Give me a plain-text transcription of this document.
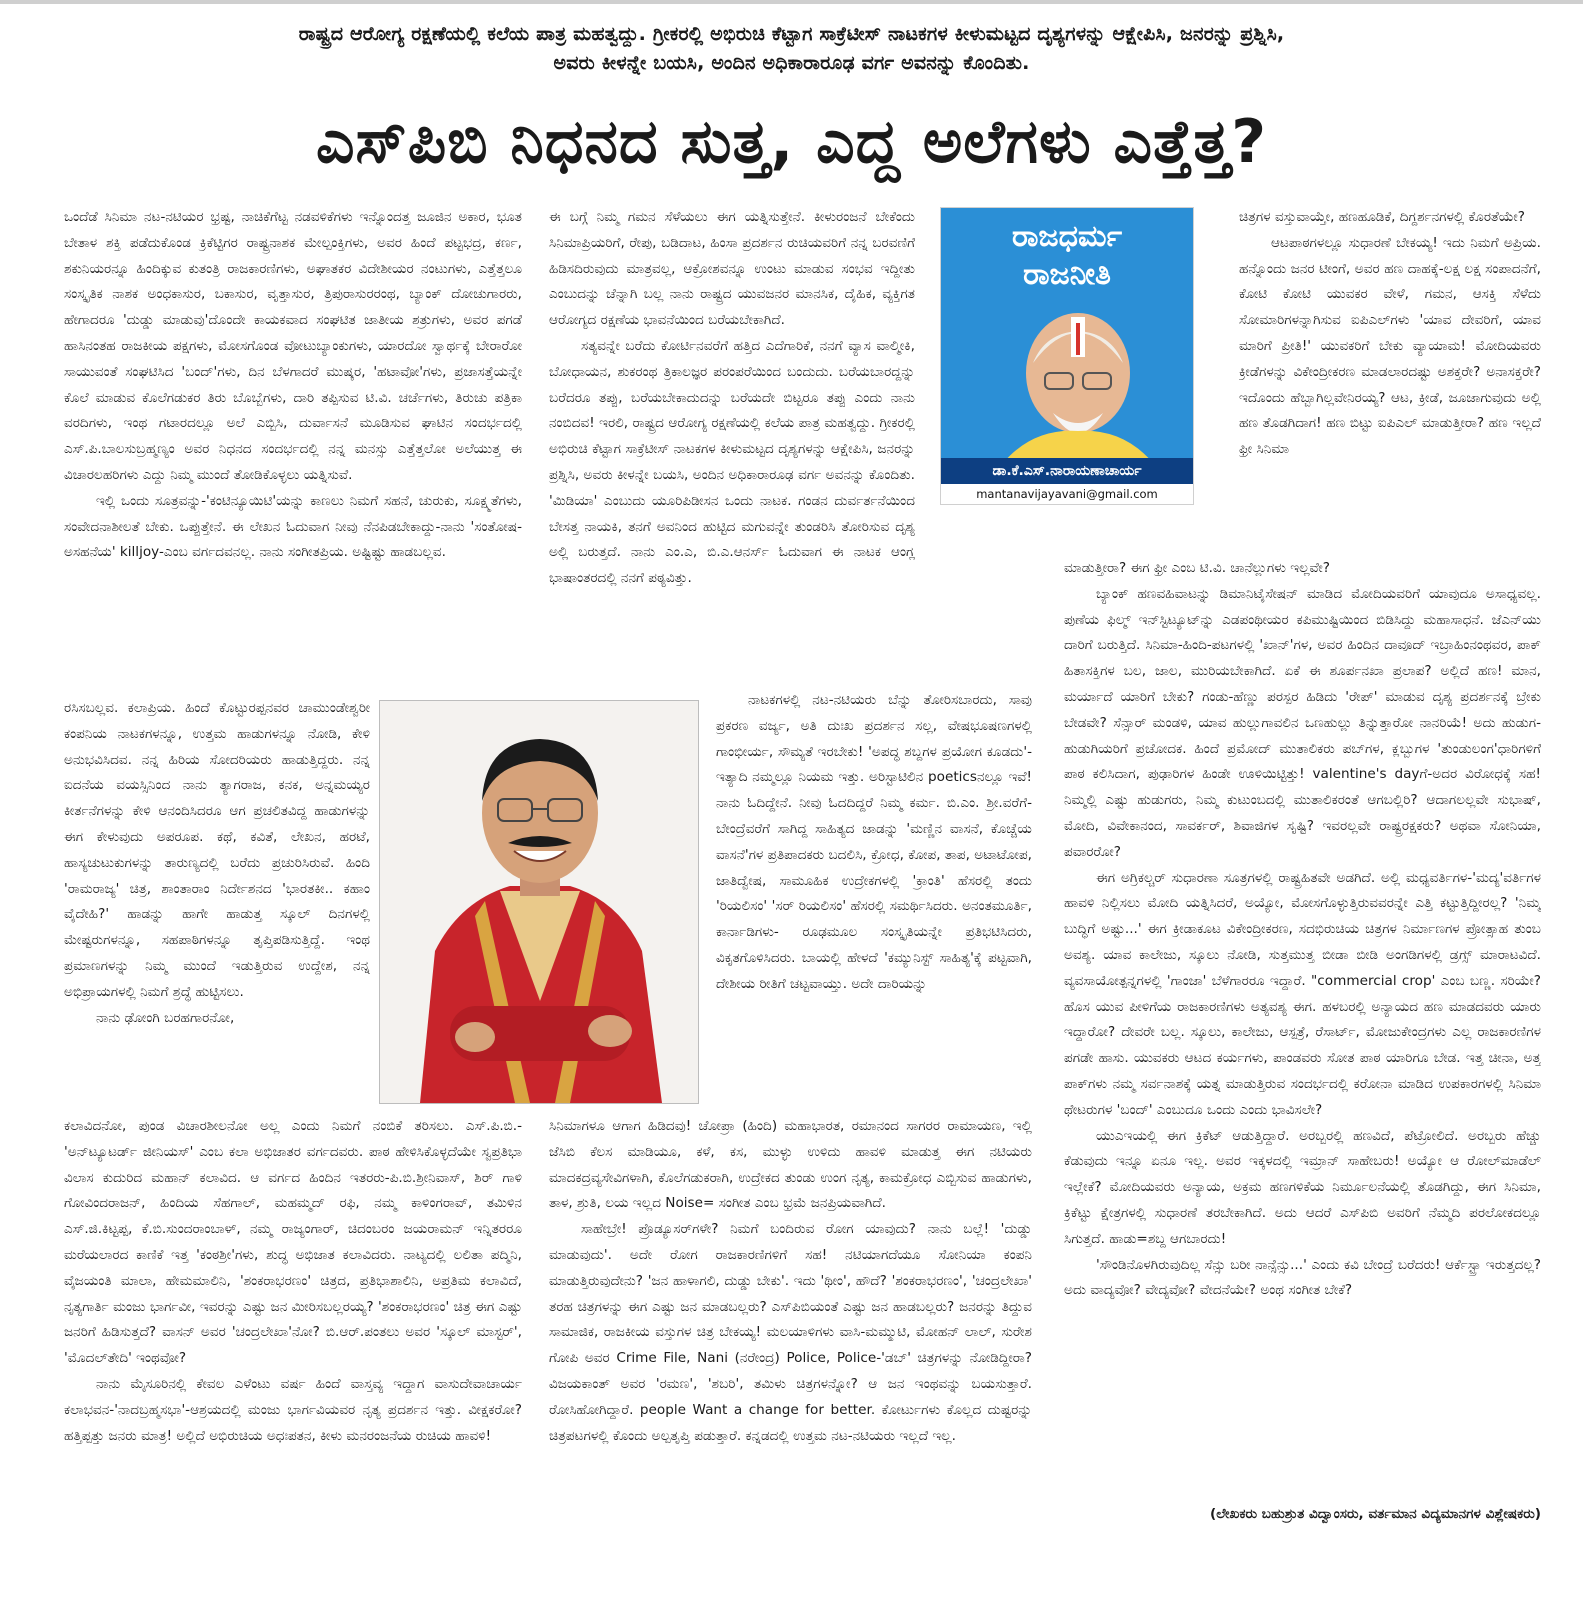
ರಾಷ್ಟ್ರದ ಆರೋಗ್ಯ ರಕ್ಷಣೆಯಲ್ಲಿ ಕಲೆಯ ಪಾತ್ರ ಮಹತ್ವದ್ದು. ಗ್ರೀಕರಲ್ಲಿ ಅಭಿರುಚಿ ಕೆಟ್ಟಾಗ ಸಾಕ್ರೆಟೀಸ್ ನಾಟಕಗಳ ಕೀಳುಮಟ್ಟದ ದೃಶ್ಯಗಳನ್ನು ಆಕ್ಷೇಪಿಸಿ, ಜನರನ್ನು ಪ್ರಶ್ನಿಸಿ,
ಅವರು ಕೀಳನ್ನೇ ಬಯಸಿ, ಅಂದಿನ ಅಧಿಕಾರಾರೂಢ ವರ್ಗ ಅವನನ್ನು ಕೊಂದಿತು.
ಎಸ್‌ಪಿಬಿ ನಿಧನದ ಸುತ್ತ, ಎದ್ದ ಅಲೆಗಳು ಎತ್ತೆತ್ತ?

ಒಂದೆಡೆ ಸಿನಿಮಾ ನಟ-ನಟಿಯರ ಭ್ರಷ್ಟ, ನಾಚಿಕೆಗೆಟ್ಟ ನಡವಳಿಕೆಗಳು ಇನ್ನೊಂದತ್ತ ಜೂಜಿನ ಅಕಾರ, ಭೂತ ಬೇತಾಳ ಶಕ್ತಿ ಪಡೆದುಕೊಂಡ ಕ್ರಿಕೆಟ್ಟಿಗರ ರಾಷ್ಟ್ರನಾಶಕ ಮೇಲ್ಪಂಕ್ತಿಗಳು, ಅವರ ಹಿಂದೆ ಪಟ್ಟಭದ್ರ, ಕರ್ಣ, ಶಕುನಿಯರನ್ನೂ ಹಿಂದಿಕ್ಕುವ ಕುತಂತ್ರಿ ರಾಜಕಾರಣಿಗಳು, ಅಘಾತಕರ ವಿದೇಶೀಯರ ನಂಟುಗಳು, ಎತ್ತೆತ್ತಲೂ ಸಂಸ್ಕೃತಿಕ ನಾಶಕ ಅಂಧಕಾಸುರ, ಬಕಾಸುರ, ವೃತ್ತಾಸುರ, ತ್ರಿಪುರಾಸುರರಂಥ, ಬ್ಯಾಂಕ್ ದೋಚುಗಾರರು, ಹೇಗಾದರೂ 'ದುಡ್ಡು ಮಾಡುವು'ದೊಂದೇ ಕಾಯಕವಾದ ಸಂಘಟಿತ ಜಾತೀಯ ಶತ್ರುಗಳು, ಅವರ ಪಗಡೆ ಹಾಸಿನಂತಹ ರಾಜಕೀಯ ಪಕ್ಷಗಳು, ಮೋಸಗೊಂಡ ವೋಟುಬ್ಯಾಂಕುಗಳು, ಯಾರದೋ ಸ್ವಾರ್ಥಕ್ಕೆ ಬೇರಾರೋ ಸಾಯುವಂತೆ ಸಂಘಟಿಸಿದ 'ಬಂದ್'ಗಳು, ದಿನ ಬೆಳಗಾದರೆ ಮುಷ್ಕರ, 'ಹಟಾವೋ'ಗಳು, ಪ್ರಜಾಸತ್ತೆಯನ್ನೇ ಕೊಲೆ ಮಾಡುವ ಕೊಲೆಗಡುಕರ ತಿರು ಬೊಬ್ಬೆಗಳು, ದಾರಿ ತಪ್ಪಿಸುವ ಟಿ.ವಿ. ಚರ್ಚೆಗಳು, ತಿರುಚು ಪತ್ರಿಕಾ ವರದಿಗಳು, ಇಂಥ ಗಟಾರದಲ್ಲೂ ಅಲೆ ಎಬ್ಬಿಸಿ, ದುರ್ವಾಸನೆ ಮೂಡಿಸುವ ಘಾಟಿನ ಸಂದರ್ಭದಲ್ಲಿ ಎಸ್.ಪಿ.ಬಾಲಸುಬ್ರಹ್ಮಣ್ಯಂ ಅವರ ನಿಧನದ ಸಂದರ್ಭದಲ್ಲಿ ನನ್ನ ಮನಸ್ಸು ಎತ್ತೆತ್ತಲೋ ಅಲೆಯುತ್ತ ಈ ವಿಚಾರಲಹರಿಗಳು ಎದ್ದು ನಿಮ್ಮ ಮುಂದೆ ತೋಡಿಕೊಳ್ಳಲು ಯತ್ನಿಸುವೆ.

ಇಲ್ಲಿ ಒಂದು ಸೂತ್ರವನ್ನು-'ಕಂಟಿನ್ಯೂಯಿಟಿ'ಯನ್ನು ಕಾಣಲು ನಿಮಗೆ ಸಹನೆ, ಚುರುಕು, ಸೂಕ್ಷ್ಮತೆಗಳು, ಸಂವೇದನಾಶೀಲತೆ ಬೇಕು. ಒಪ್ಪುತ್ತೇನೆ. ಈ ಲೇಖನ ಓದುವಾಗ ನೀವು ನೆನಪಿಡಬೇಕಾದ್ದು-ನಾನು 'ಸಂತೋಷ-ಅಸಹನೆಯ' killjoy-ಎಂಬ ವರ್ಗದವನಲ್ಲ. ನಾನು ಸಂಗೀತಪ್ರಿಯ. ಅಷ್ಟಿಷ್ಟು ಹಾಡಬಲ್ಲವ.

ರಸಿಸಬಲ್ಲವ. ಕಲಾಪ್ರಿಯ. ಹಿಂದೆ ಕೊಟ್ಟುರಪ್ಪನವರ ಚಾಮುಂಡೇಶ್ವರೀ ಕಂಪನಿಯ ನಾಟಕಗಳನ್ನೂ, ಉತ್ತಮ ಹಾಡುಗಳನ್ನೂ ನೋಡಿ, ಕೇಳಿ ಅನುಭವಿಸಿದವ. ನನ್ನ ಹಿರಿಯ ಸೋದರಿಯರು ಹಾಡುತ್ತಿದ್ದರು. ನನ್ನ ಐದನೆಯ ವಯಸ್ಸಿನಿಂದ ನಾನು ತ್ಯಾಗರಾಜ, ಕನಕ, ಅನ್ನಮಯ್ಯರ ಕೀರ್ತನೆಗಳನ್ನು ಕೇಳಿ ಆನಂದಿಸಿದರೂ ಆಗ ಪ್ರಚಲಿತವಿದ್ದ ಹಾಡುಗಳನ್ನು ಈಗ ಕೇಳುವುದು ಅಪರೂಪ. ಕಥೆ, ಕವಿತೆ, ಲೇಖನ, ಹರಟೆ, ಹಾಸ್ಯಚುಟುಕುಗಳನ್ನು ತಾರುಣ್ಯದಲ್ಲಿ ಬರೆದು ಪ್ರಚುರಿಸಿರುವೆ. ಹಿಂದಿ 'ರಾಮರಾಜ್ಯ' ಚಿತ್ರ, ಶಾಂತಾರಾಂ ನಿರ್ದೇಶನದ 'ಭಾರತಕೀ.. ಕಹಾಂ ವೈದೇಹಿ?' ಹಾಡನ್ನು ಹಾಗೇ ಹಾಡುತ್ತ ಸ್ಕೂಲ್ ದಿನಗಳಲ್ಲಿ ಮೇಷ್ಟರುಗಳನ್ನೂ, ಸಹಪಾಠಿಗಳನ್ನೂ ತೃಪ್ತಿಪಡಿಸುತ್ತಿದ್ದೆ. ಇಂಥ ಪ್ರಮಾಣಗಳನ್ನು ನಿಮ್ಮ ಮುಂದೆ ಇಡುತ್ತಿರುವ ಉದ್ದೇಶ, ನನ್ನ ಅಭಿಪ್ರಾಯಗಳಲ್ಲಿ ನಿಮಗೆ ಶ್ರದ್ಧೆ ಹುಟ್ಟಿಸಲು.

ನಾನು ಢೋಂಗಿ ಬರಹಗಾರನೋ,

ಕಲಾವಿದನೋ, ಪುಂಡ ವಿಚಾರಶೀಲನೋ ಅಲ್ಲ ಎಂದು ನಿಮಗೆ ನಂಬಿಕೆ ತರಿಸಲು. ಎಸ್.ಪಿ.ಬಿ.-'ಅನ್‌ಟ್ಯೂಟರ್ಡ್ ಜೀನಿಯಸ್' ಎಂಬ ಕಲಾ ಅಭಿಜಾತರ ವರ್ಗದವರು. ಪಾಠ ಹೇಳಿಸಿಕೊಳ್ಳದೆಯೇ ಸ್ವಪ್ರತಿಭಾ ವಿಲಾಸ ಕುದುರಿದ ಮಹಾನ್ ಕಲಾವಿದ. ಆ ವರ್ಗದ ಹಿಂದಿನ ಇತರರು-ಪಿ.ಬಿ.ಶ್ರೀನಿವಾಸ್, ಶಿರ್ ಗಾಳಿ ಗೋವಿಂದರಾಜನ್, ಹಿಂದಿಯ ಸೆಹಗಾಲ್, ಮಹಮ್ಮದ್ ರಫಿ, ನಮ್ಮ ಕಾಳಿಂಗರಾವ್, ತಮಿಳಿನ ಎಸ್.ಜಿ.ಕಿಟ್ಟಪ್ಪ, ಕೆ.ಬಿ.ಸುಂದರಾಂಬಾಳ್, ನಮ್ಮ ರಾಜ್ಯಂಗಾರ್, ಚಿದಂಬರಂ ಜಯರಾಮನ್ ಇನ್ನಿತರರೂ ಮರೆಯಲಾರದ ಕಾಣಿಕೆ ಇತ್ತ 'ಕಂಠಶ್ರೀ'ಗಳು, ಶುದ್ಧ ಅಭಿಜಾತ ಕಲಾವಿದರು. ನಾಟ್ಯದಲ್ಲಿ ಲಲಿತಾ ಪದ್ಮಿನಿ, ವೈಜಯಂತಿ ಮಾಲಾ, ಹೇಮಮಾಲಿನಿ, 'ಶಂಕರಾಭರಣಂ' ಚಿತ್ರದ, ಪ್ರತಿಭಾಶಾಲಿನಿ, ಅಪ್ರತಿಮ ಕಲಾವಿದೆ, ನೃತ್ಯಗಾರ್ತಿ ಮಂಜು ಭಾರ್ಗವೀ, ಇವರನ್ನು ಎಷ್ಟು ಜನ ಮೀರಿಸಬಲ್ಲರಯ್ಯ? 'ಶಂಕರಾಭರಣಂ' ಚಿತ್ರ ಈಗ ಎಷ್ಟು ಜನರಿಗೆ ಹಿಡಿಸುತ್ತದೆ? ವಾಸನ್ ಅವರ 'ಚಂದ್ರಲೇಖಾ'ನೋ? ಬಿ.ಆರ್.ಪಂತಲು ಅವರ 'ಸ್ಕೂಲ್ ಮಾಸ್ಟರ್', 'ಮೊದಲ್‌ತೇದಿ' ಇಂಥವೋ?

ನಾನು ಮೈಸೂರಿನಲ್ಲಿ ಕೇವಲ ಎಳೆಂಟು ವರ್ಷ ಹಿಂದೆ ವಾಸ್ತವ್ಯ ಇದ್ದಾಗ ವಾಸುದೇವಾಚಾರ್ಯ ಕಲಾಭವನ-'ನಾದಬ್ರಹ್ಮಸಭಾ'-ಆಶ್ರಯದಲ್ಲಿ ಮಂಜು ಭಾರ್ಗವಿಯವರ ನೃತ್ಯ ಪ್ರದರ್ಶನ ಇತ್ತು. ವೀಕ್ಷಕರೋ? ಹತ್ತಿಪ್ಪತ್ತು ಜನರು ಮಾತ್ರ! ಅಲ್ಲಿದೆ ಅಭಿರುಚಿಯ ಅಧಃಪತನ, ಕೀಳು ಮನರಂಜನೆಯ ರುಚಿಯ ಹಾವಳಿ!

ಈ ಬಗ್ಗೆ ನಿಮ್ಮ ಗಮನ ಸೆಳೆಯಲು ಈಗ ಯತ್ನಿಸುತ್ತೇನೆ. ಕೀಳುರಂಜನೆ ಬೇಕೆಂದು ಸಿನಿಮಾಪ್ರಿಯರಿಗೆ, ರೇಪು, ಬಡಿದಾಟ, ಹಿಂಸಾ ಪ್ರದರ್ಶನ ರುಚಿಯವರಿಗೆ ನನ್ನ ಬರವಣಿಗೆ ಹಿಡಿಸದಿರುವುದು ಮಾತ್ರವಲ್ಲ, ಆಕ್ರೋಶವನ್ನೂ ಉಂಟು ಮಾಡುವ ಸಂಭವ ಇದ್ದೀತು ಎಂಬುದನ್ನು ಚೆನ್ನಾಗಿ ಬಲ್ಲ ನಾನು ರಾಷ್ಟ್ರದ ಯುವಜನರ ಮಾನಸಿಕ, ದೈಹಿಕ, ವ್ಯಕ್ತಿಗತ ಆರೋಗ್ಯದ ರಕ್ಷಣೆಯ ಭಾವನೆಯಿಂದ ಬರೆಯಬೇಕಾಗಿದೆ.

ಸತ್ಯವನ್ನೇ ಬರೆದು ಕೋರ್ಟಿನವರೆಗೆ ಹತ್ತಿದ ಎದೆಗಾರಿಕೆ, ನನಗೆ ವ್ಯಾಸ ವಾಲ್ಮೀಕಿ, ಬೋಧಾಯನ, ಶುಕರಂಥ ತ್ರಿಕಾಲಜ್ಞರ ಪರಂಪರೆಯಿಂದ ಬಂದುದು. ಬರೆಯಬಾರದ್ದನ್ನು ಬರೆದರೂ ತಪ್ಪು, ಬರೆಯಬೇಕಾದುದನ್ನು ಬರೆಯದೇ ಬಿಟ್ಟರೂ ತಪ್ಪು ಎಂದು ನಾನು ನಂಬಿದವ! ಇರಲಿ, ರಾಷ್ಟ್ರದ ಆರೋಗ್ಯ ರಕ್ಷಣೆಯಲ್ಲಿ ಕಲೆಯ ಪಾತ್ರ ಮಹತ್ವದ್ದು. ಗ್ರೀಕರಲ್ಲಿ ಅಭಿರುಚಿ ಕೆಟ್ಟಾಗ ಸಾಕ್ರೆಟೀಸ್ ನಾಟಕಗಳ ಕೀಳುಮಟ್ಟದ ದೃಶ್ಯಗಳನ್ನು ಆಕ್ಷೇಪಿಸಿ, ಜನರನ್ನು ಪ್ರಶ್ನಿಸಿ, ಅವರು ಕೀಳನ್ನೇ ಬಯಸಿ, ಅಂದಿನ ಅಧಿಕಾರಾರೂಢ ವರ್ಗ ಅವನನ್ನು ಕೊಂದಿತು. 'ಮಿಡಿಯಾ' ಎಂಬುದು ಯೂರಿಪಿಡೀಸನ ಒಂದು ನಾಟಕ. ಗಂಡನ ದುರ್ವರ್ತನೆಯಿಂದ ಬೇಸತ್ತ ನಾಯಕಿ, ತನಗೆ ಅವನಿಂದ ಹುಟ್ಟಿದ ಮಗುವನ್ನೇ ತುಂಡರಿಸಿ ತೋರಿಸುವ ದೃಶ್ಯ ಅಲ್ಲಿ ಬರುತ್ತದೆ. ನಾನು ಎಂ.ಎ, ಬಿ.ಎ.ಆನರ್ಸ್ ಓದುವಾಗ ಈ ನಾಟಕ ಆಂಗ್ಲ ಭಾಷಾಂತರದಲ್ಲಿ ನನಗೆ ಪಠ್ಯವಿತ್ತು.

ನಾಟಕಗಳಲ್ಲಿ ನಟ-ನಟಿಯರು ಬೆನ್ನು ತೋರಿಸಬಾರದು, ಸಾವು ಪ್ರಕರಣ ವರ್ಜ್ಯ, ಅತಿ ದುಃಖ ಪ್ರದರ್ಶನ ಸಲ್ಲ, ವೇಷಭೂಷಣಗಳಲ್ಲಿ ಗಾಂಭೀರ್ಯ, ಸೌಮ್ಯತೆ ಇರಬೇಕು! 'ಅಪದ್ಧ ಶಬ್ದಗಳ ಪ್ರಯೋಗ ಕೂಡದು'-ಇತ್ಯಾದಿ ನಮ್ಮಲ್ಲೂ ನಿಯಮ ಇತ್ತು. ಅರಿಸ್ಟಾಟಿಲಿನ poeticsನಲ್ಲೂ ಇವೆ! ನಾನು ಓದಿದ್ದೇನೆ. ನೀವು ಓದದಿದ್ದರೆ ನಿಮ್ಮ ಕರ್ಮ. ಬಿ.ಎಂ. ಶ್ರೀ.ವರೆಗೆ-ಬೇಂದ್ರೆವರೆಗೆ ಸಾಗಿದ್ದ ಸಾಹಿತ್ಯದ ಜಾಡನ್ನು 'ಮಣ್ಣಿನ ವಾಸನೆ, ಕೊಚ್ಚೆಯ ವಾಸನೆ'ಗಳ ಪ್ರತಿಪಾದಕರು ಬದಲಿಸಿ, ಕ್ರೋಧ, ಕೋಪ, ತಾಪ, ಅಟಾಟೋಪ, ಜಾತಿದ್ವೇಷ, ಸಾಮೂಹಿಕ ಉದ್ರೇಕಗಳಲ್ಲಿ 'ಕ್ರಾಂತಿ' ಹೆಸರಲ್ಲಿ ತಂದು 'ರಿಯಲಿಸಂ' 'ಸರ್ ರಿಯಲಿಸಂ' ಹೆಸರಲ್ಲಿ ಸಮರ್ಥಿಸಿದರು. ಅನಂತಮೂರ್ತಿ, ಕಾರ್ನಾಡಿಗಳು- ರೂಢಮೂಲ ಸಂಸ್ಕೃತಿಯನ್ನೇ ಪ್ರತಿಭಟಿಸಿದರು, ವಿಕೃತಗೊಳಿಸಿದರು. ಬಾಯಲ್ಲಿ ಹೇಳದೆ 'ಕಮ್ಯುನಿಸ್ಟ್ ಸಾಹಿತ್ಯ'ಕ್ಕೆ ಪಟ್ಟವಾಗಿ, ದೇಶೀಯ ರೀತಿಗೆ ಚಟ್ಟವಾಯ್ತು. ಅದೇ ದಾರಿಯನ್ನು

ಸಿನಿಮಾಗಳೂ ಆಗಾಗ ಹಿಡಿದವು! ಚೋಪ್ರಾ (ಹಿಂದಿ) ಮಹಾಭಾರತ, ರಮಾನಂದ ಸಾಗರರ ರಾಮಾಯಣ, ಇಲ್ಲಿ ಜೆಸಿಬಿ ಕೆಲಸ ಮಾಡಿಯೂ, ಕಳೆ, ಕಸ, ಮುಳ್ಳು ಉಳಿದು ಹಾವಳಿ ಮಾಡುತ್ತ ಈಗ ನಟಿಯರು ಮಾದಕದ್ರವ್ಯಸೇವಿಗಳಾಗಿ, ಕೊಲೆಗಡುಕರಾಗಿ, ಉದ್ರೇಕದ ತುಂಡು ಉಂಗ ನೃತ್ಯ, ಕಾಮಕ್ರೋಧ ಎಬ್ಬಿಸುವ ಹಾಡುಗಳು, ತಾಳ, ಶ್ರುತಿ, ಲಯ ಇಲ್ಲದ Noise= ಸಂಗೀತ ಎಂಬ ಭ್ರಮೆ ಜನಪ್ರಿಯವಾಗಿದೆ.

ಸಾಹೇಬ್ರೇ! ಪ್ರೊಡ್ಯೂಸರ್‌ಗಳೇ? ನಿಮಗೆ ಬಂದಿರುವ ರೋಗ ಯಾವುದು? ನಾನು ಬಲ್ಲೆ! 'ದುಡ್ಡು ಮಾಡುವುದು'. ಅದೇ ರೋಗ ರಾಜಕಾರಣಿಗಳಿಗೆ ಸಹ! ನಟಿಯಾಗದೆಯೂ ಸೋನಿಯಾ ಕಂಪನಿ ಮಾಡುತ್ತಿರುವುದೇನು? 'ಜನ ಹಾಳಾಗಲಿ, ದುಡ್ಡು ಬೇಕು'. ಇದು 'ಥೀಂ', ಹೌದೆ? 'ಶಂಕರಾಭರಣಂ', 'ಚಂದ್ರಲೇಖಾ' ತರಹ ಚಿತ್ರಗಳನ್ನು ಈಗ ಎಷ್ಟು ಜನ ಮಾಡಬಲ್ಲರು? ಎಸ್‌ಪಿಬಿಯಂತೆ ಎಷ್ಟು ಜನ ಹಾಡಬಲ್ಲರು? ಜನರನ್ನು ತಿದ್ದುವ ಸಾಮಾಜಿಕ, ರಾಜಕೀಯ ವಸ್ತುಗಳ ಚಿತ್ರ ಬೇಕಯ್ಯ! ಮಲಯಾಳಿಗಳು ವಾಸಿ-ಮಮ್ಮುಟಿ, ಮೋಹನ್ ಲಾಲ್, ಸುರೇಶ ಗೋಪಿ ಅವರ Crime File, Nani (ನರೇಂದ್ರ) Police, Police-'ಡಬ್' ಚಿತ್ರಗಳನ್ನು ನೋಡಿದ್ದೀರಾ? ವಿಜಯಕಾಂತ್ ಅವರ 'ರಮಣ', 'ಶಬರಿ', ತಮಿಳು ಚಿತ್ರಗಳನ್ನೋ? ಆ ಜನ ಇಂಥವನ್ನು ಬಯಸುತ್ತಾರೆ. ರೋಸಿಹೋಗಿದ್ದಾರೆ. people Want a change for better. ಕೋರ್ಟುಗಳು ಕೊಲ್ಲದ ದುಷ್ಟರನ್ನು ಚಿತ್ರಪಟಗಳಲ್ಲಿ ಕೊಂದು ಅಲ್ಪತೃಪ್ತಿ ಪಡುತ್ತಾರೆ. ಕನ್ನಡದಲ್ಲಿ ಉತ್ತಮ ನಟ-ನಟಿಯರು ಇಲ್ಲದೆ ಇಲ್ಲ.

ರಾಜಧರ್ಮ
ರಾಜನೀತಿ
ಡಾ.ಕೆ.ಎಸ್.ನಾರಾಯಣಾಚಾರ್ಯ
mantanavijayavani@gmail.com

ಚಿತ್ರಗಳ ವಸ್ತುವಾಯ್ತೇ, ಹಣಹೂಡಿಕೆ, ದಿಗ್ದರ್ಶನಗಳಲ್ಲಿ ಕೊರತೆಯೇ?

ಆಟಪಾಠಗಳಲ್ಲೂ ಸುಧಾರಣೆ ಬೇಕಯ್ಯ! ಇದು ನಿಮಗೆ ಅಪ್ರಿಯ. ಹನ್ನೊಂದು ಜನರ ಟೀಂಗೆ, ಅವರ ಹಣ ದಾಹಕ್ಕೆ-ಲಕ್ಷ ಲಕ್ಷ ಸಂಪಾದನೆಗೆ, ಕೋಟಿ ಕೋಟಿ ಯುವಕರ ವೇಳೆ, ಗಮನ, ಆಸಕ್ತಿ ಸೆಳೆದು ಸೋಮಾರಿಗಳನ್ನಾಗಿಸುವ ಐಪಿಎಲ್‌ಗಳು 'ಯಾವ ದೇವರಿಗೆ, ಯಾವ ಮಾರಿಗೆ ಪ್ರೀತಿ!' ಯುವಕರಿಗೆ ಬೇಕು ವ್ಯಾಯಾಮ! ಮೋದಿಯವರು ಕ್ರೀಡೆಗಳನ್ನು ವಿಕೇಂದ್ರೀಕರಣ ಮಾಡಲಾರದಷ್ಟು ಅಶಕ್ತರೇ? ಅನಾಸಕ್ತರೇ? ಇದೊಂದು ಹೆಬ್ಬಾಗಿಲ್ಲವೇನಿರಯ್ಯ? ಆಟ, ಕ್ರೀಡೆ, ಜೂಜಾಗುವುದು ಅಲ್ಲಿ ಹಣ ತೊಡಗಿದಾಗ! ಹಣ ಬಿಟ್ಟು ಐಪಿಎಲ್ ಮಾಡುತ್ತೀರಾ? ಹಣ ಇಲ್ಲದೆ ಫ್ರೀ ಸಿನಿಮಾ

ಮಾಡುತ್ತೀರಾ? ಈಗ ಫ್ರೀ ಎಂಬ ಟಿ.ವಿ. ಚಾನೆಲ್ಲುಗಳು ಇಲ್ಲವೇ?

ಬ್ಯಾಂಕ್ ಹಣವಹಿವಾಟನ್ನು ಡಿಮಾನಿಟೈಸೇಷನ್ ಮಾಡಿದ ಮೋದಿಯವರಿಗೆ ಯಾವುದೂ ಅಸಾಧ್ಯವಲ್ಲ. ಪುಣೆಯ ಫಿಲ್ಮ್ ಇನ್‌ಸ್ಟಿಟ್ಯೂಟ್‌ನ್ನು ಎಡಪಂಥೀಯರ ಕಪಿಮುಷ್ಟಿಯಿಂದ ಬಿಡಿಸಿದ್ದು ಮಹಾಸಾಧನೆ. ಜೆಎನ್‌ಯು ದಾರಿಗೆ ಬರುತ್ತಿದೆ. ಸಿನಿಮಾ-ಹಿಂದಿ-ಪಟಗಳಲ್ಲಿ 'ಖಾನ್'ಗಳ, ಅವರ ಹಿಂದಿನ ದಾವೂದ್ ಇಬ್ರಾಹಿಂನಂಥವರ, ಪಾಕ್ ಹಿತಾಸಕ್ತಿಗಳ ಬಲ, ಜಾಲ, ಮುರಿಯಬೇಕಾಗಿದೆ. ಏಕೆ ಈ ಶೂರ್ಪನಖಾ ಪ್ರಲಾಪ? ಅಲ್ಲಿದೆ ಹಣ! ಮಾನ, ಮರ್ಯಾದೆ ಯಾರಿಗೆ ಬೇಕು? ಗಂಡು-ಹೆಣ್ಣು ಪರಸ್ಪರ ಹಿಡಿದು 'ರೇಪ್' ಮಾಡುವ ದೃಶ್ಯ ಪ್ರದರ್ಶನಕ್ಕೆ ಬ್ರೇಕು ಬೇಡವೇ? ಸೆನ್ಸಾರ್ ಮಂಡಳಿ, ಯಾವ ಹುಲ್ಲುಗಾವಲಿನ ಒಣಹುಲ್ಲು ತಿನ್ನುತ್ತಾರೋ ನಾನರಿಯೆ! ಅದು ಹುಡುಗ-ಹುಡುಗಿಯರಿಗೆ ಪ್ರಚೋದಕ. ಹಿಂದೆ ಪ್ರಮೋದ್ ಮುತಾಲಿಕರು ಪಬ್‌ಗಳ, ಕ್ಲಬ್ಬುಗಳ 'ತುಂಡುಲಂಗ'ಧಾರಿಗಳಿಗೆ ಪಾಠ ಕಲಿಸಿದಾಗ, ಪುಢಾರಿಗಳ ಹಿಂಡೇ ಊಳಿಯಿಟ್ಟಿತ್ತು! valentine's dayಗೆ-ಅದರ ವಿರೋಧಕ್ಕೆ ಸಹ! ನಿಮ್ಮಲ್ಲಿ ಎಷ್ಟು ಹುಡುಗರು, ನಿಮ್ಮ ಕುಟುಂಬದಲ್ಲಿ ಮುತಾಲಿಕರಂತೆ ಆಗಬಲ್ಲಿರಿ? ಆದಾಗಲಲ್ಲವೇ ಸುಭಾಷ್, ಮೋದಿ, ವಿವೇಕಾನಂದ, ಸಾವರ್ಕರ್, ಶಿವಾಜಿಗಳ ಸೃಷ್ಟಿ? ಇವರಲ್ಲವೇ ರಾಷ್ಟ್ರರಕ್ಷಕರು? ಅಥವಾ ಸೋನಿಯಾ, ಪವಾರರೋ?

ಈಗ ಅಗ್ರಿಕಲ್ಚರ್ ಸುಧಾರಣಾ ಸೂತ್ರಗಳಲ್ಲಿ ರಾಷ್ಟ್ರಹಿತವೇ ಅಡಗಿದೆ. ಅಲ್ಲಿ ಮಧ್ಯವರ್ತಿಗಳ-'ಮದ್ಯ'ವರ್ತಿಗಳ ಹಾವಳಿ ನಿಲ್ಲಿಸಲು ಮೋದಿ ಯತ್ನಿಸಿದರೆ, ಅಯ್ಯೋ, ಮೋಸಗೊಳ್ಳುತ್ತಿರುವವರನ್ನೇ ಎತ್ತಿ ಕಟ್ಟುತ್ತಿದ್ದೀರಲ್ಲ? 'ನಿಮ್ಮ ಬುದ್ಧಿಗೆ ಅಷ್ಟು...' ಈಗ ಕ್ರೀಡಾಕೂಟ ವಿಕೇಂದ್ರೀಕರಣ, ಸದಭಿರುಚಿಯ ಚಿತ್ರಗಳ ನಿರ್ಮಾಣಗಳ ಪ್ರೋತ್ಸಾಹ ತುಂಬ ಅವಶ್ಯ. ಯಾವ ಕಾಲೇಜು, ಸ್ಕೂಲು ನೋಡಿ, ಸುತ್ತಮುತ್ತ ಬೀಡಾ ಬೀಡಿ ಅಂಗಡಿಗಳಲ್ಲಿ ಡ್ರಗ್ಸ್ ಮಾರಾಟವಿದೆ. ವ್ಯವಸಾಯೋತ್ಪನ್ನಗಳಲ್ಲಿ 'ಗಾಂಜಾ' ಬೆಳೆಗಾರರೂ ಇದ್ದಾರೆ. "commercial crop' ಎಂಬ ಬಣ್ಣ. ಸರಿಯೇ? ಹೊಸ ಯುವ ಪೀಳಿಗೆಯ ರಾಜಕಾರಣಿಗಳು ಅತ್ಯವಶ್ಯ ಈಗ. ಹಳಬರಲ್ಲಿ ಅನ್ಯಾಯದ ಹಣ ಮಾಡದವರು ಯಾರು ಇದ್ದಾರೋ? ದೇವರೇ ಬಲ್ಲ. ಸ್ಕೂಲು, ಕಾಲೇಜು, ಆಸ್ಪತ್ರೆ, ರೆಸಾರ್ಟ್, ಮೋಜುಕೇಂದ್ರಗಳು ಎಲ್ಲ ರಾಜಕಾರಣಿಗಳ ಪಗಡೇ ಹಾಸು. ಯುವಕರು ಆಟದ ಕರ್ಯಗಳು, ಪಾಂಡವರು ಸೋತ ಪಾಠ ಯಾರಿಗೂ ಬೇಡ. ಇತ್ತ ಚೀನಾ, ಅತ್ತ ಪಾಕ್‌ಗಳು ನಮ್ಮ ಸರ್ವನಾಶಕ್ಕೆ ಯತ್ನ ಮಾಡುತ್ತಿರುವ ಸಂದರ್ಭದಲ್ಲಿ ಕರೋನಾ ಮಾಡಿದ ಉಪಕಾರಗಳಲ್ಲಿ ಸಿನಿಮಾ ಥೇಟರುಗಳ 'ಬಂದ್' ಎಂಬುದೂ ಒಂದು ಎಂದು ಭಾವಿಸಲೇ?

ಯುಎಇಯಲ್ಲಿ ಈಗ ಕ್ರಿಕೆಟ್ ಆಡುತ್ತಿದ್ದಾರೆ. ಅರಬ್ಬರಲ್ಲಿ ಹಣವಿದೆ, ಪೆಟ್ರೋಲಿದೆ. ಅರಬ್ಬರು ಹೆಚ್ಚು ಕೆಡುವುದು ಇನ್ನೂ ಏನೂ ಇಲ್ಲ. ಅವರ ಇಕ್ಕಳದಲ್ಲಿ ಇಮ್ರಾನ್ ಸಾಹೇಬರು! ಅಯ್ಯೋ ಆ ರೋಲ್‌ಮಾಡೆಲ್ ಇಲ್ಲೇಕೆ? ಮೋದಿಯವರು ಅನ್ಯಾಯ, ಅಕ್ರಮ ಹಣಗಳಿಕೆಯ ನಿರ್ಮೂಲನೆಯಲ್ಲಿ ತೊಡಗಿದ್ದು, ಈಗ ಸಿನಿಮಾ, ಕ್ರಿಕೆಟ್ಟು ಕ್ಷೇತ್ರಗಳಲ್ಲಿ ಸುಧಾರಣೆ ತರಬೇಕಾಗಿದೆ. ಅದು ಆದರೆ ಎಸ್‌ಪಿಬಿ ಅವರಿಗೆ ನೆಮ್ಮದಿ ಪರಲೋಕದಲ್ಲೂ ಸಿಗುತ್ತದೆ. ಹಾಡು=ಶಬ್ದ ಆಗಬಾರದು!

'ಸೌಂಡಿನೊಳಗಿರುವುದಿಲ್ಲ ಸೆನ್ಸು ಬರೀ ನಾನ್ಸೆನ್ಸು...' ಎಂದು ಕವಿ ಬೇಂದ್ರೆ ಬರೆದರು! ಆರ್ಕೆಸ್ಟ್ರಾ ಇರುತ್ತದಲ್ಲ? ಅದು ವಾದ್ಯವೋ? ವೇದ್ಯವೋ? ವೇದನೆಯೇ? ಅಂಥ ಸಂಗೀತ ಬೇಕೆ?

(ಲೇಖಕರು ಬಹುಶ್ರುತ ವಿದ್ವಾಂಸರು, ವರ್ತಮಾನ ವಿದ್ಯಮಾನಗಳ ವಿಶ್ಲೇಷಕರು)
